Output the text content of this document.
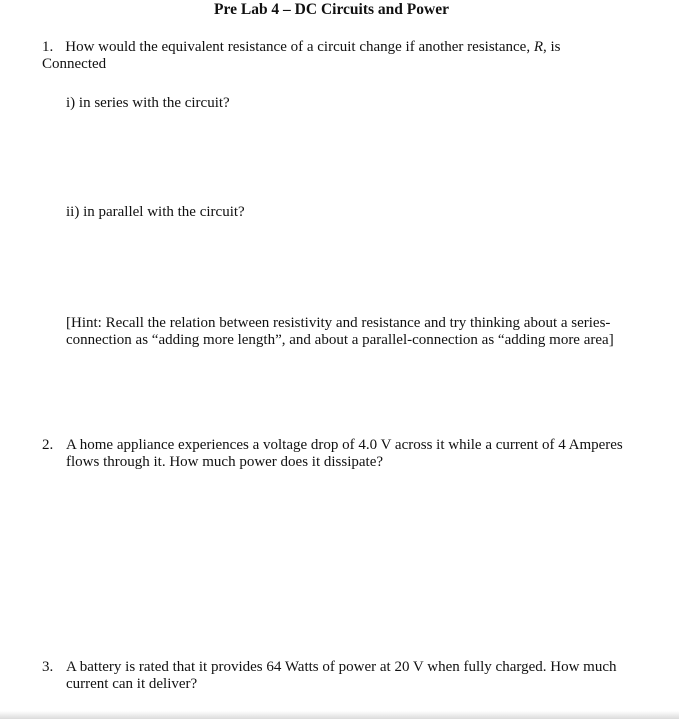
Pre Lab 4 – DC Circuits and Power
1. How would the equivalent resistance of a circuit change if another resistance, R, is
Connected
i) in series with the circuit?
ii) in parallel with the circuit?
[Hint: Recall the relation between resistivity and resistance and try thinking about a series-connection as “adding more length”, and about a parallel-connection as “adding more area]
2. A home appliance experiences a voltage drop of 4.0 V across it while a current of 4 Amperes flows through it. How much power does it dissipate?
3. A battery is rated that it provides 64 Watts of power at 20 V when fully charged. How much current can it deliver?
